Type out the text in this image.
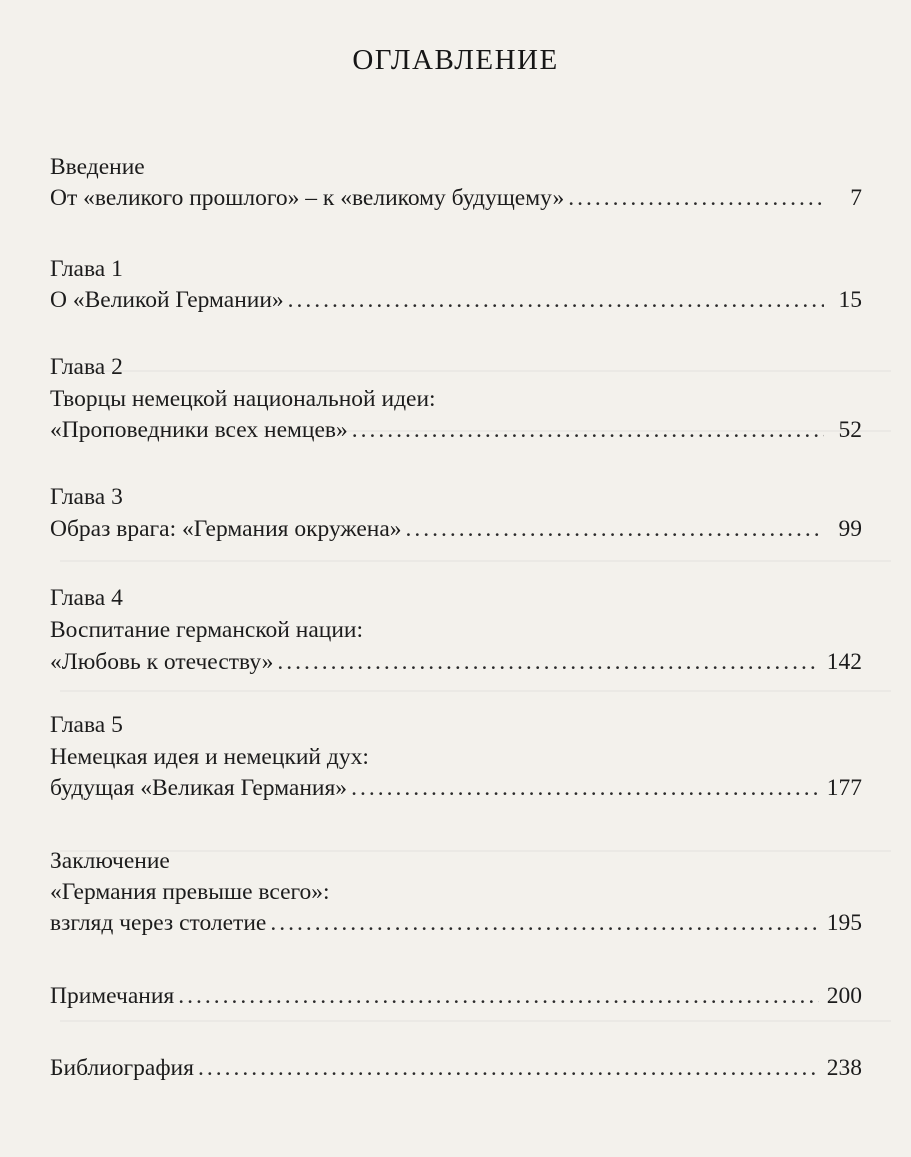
ОГЛАВЛЕНИЕ
Введение
От «великого прошлого» – к «великому будущему» .....	7
Глава 1
О «Великой Германии» .....	15
Глава 2
Творцы немецкой национальной идеи:
«Проповедники всех немцев» .....	52
Глава 3
Образ врага: «Германия окружена» .....	99
Глава 4
Воспитание германской нации:
«Любовь к отечеству» .....	142
Глава 5
Немецкая идея и немецкий дух:
будущая «Великая Германия» .....	177
Заключение
«Германия превыше всего»:
взгляд через столетие .....	195
Примечания .....	200
Библиография .....	238
